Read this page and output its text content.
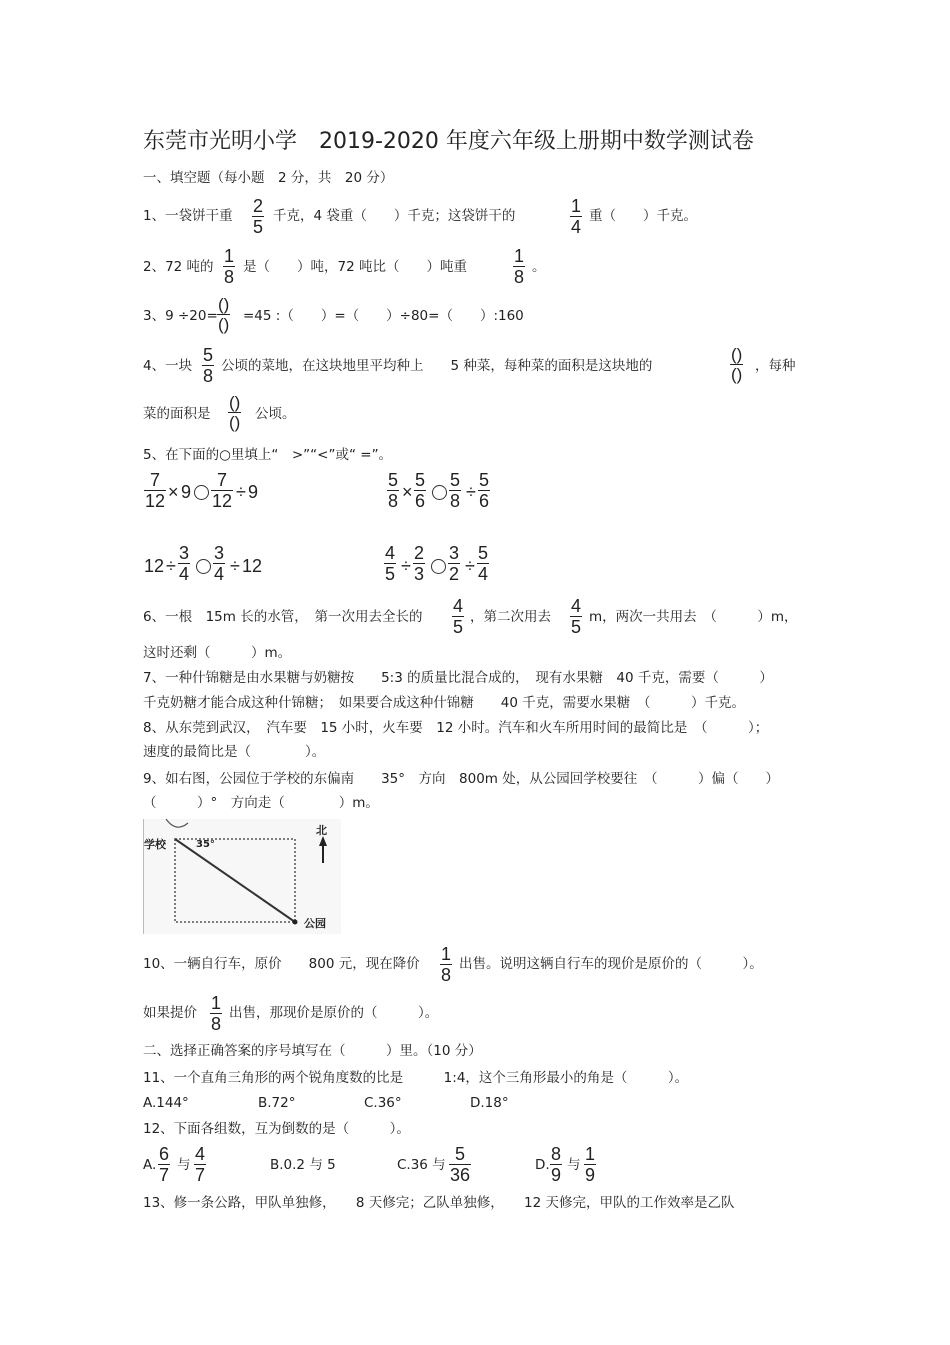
东莞市光明小学　2019-2020 年度六年级上册期中数学测试卷
一、填空题（每小题　2 分，共　20 分）
1、一袋饼干重 2
5
千克，4 袋重（　　）千克；这袋饼干的	1
4
重（　　）千克。
2、72 吨的
1
8 是（　　）吨，72 吨比（　　）吨重
1
8 。
3、9 ÷20=
()
() =45 :（　　）=（　　）÷80=（　　）:160
4、一块
5
8 公顷的菜地，在这块地里平均种上　　5 种菜，每种菜的面积是这块地的
()
() ，每种
菜的面积是
()
() 公顷。
5、在下面的○里填上“　>”“<”或“ =”。
7
12 × 9
7
12 ÷ 9
5
8 ×
5
6
5
8 ÷
5
6
12 ÷
3
4
3
4 ÷ 12
4
5 ÷
2
3
3
2 ÷
5
4
6、一根　15m 长的水管，　第一次用去全长的
4
5 ，第二次用去
4
5 m，两次一共用去　（　　　）m，
这时还剩（　　　）m。
7、一种什锦糖是由水果糖与奶糖按　　5:3 的质量比混合成的，　现有水果糖　40 千克，需要（　　　）
千克奶糖才能合成这种什锦糖；　如果要合成这种什锦糖　　40 千克，需要水果糖　（　　　）千克。
8、从东莞到武汉，　汽车要　15 小时，火车要　12 小时。汽车和火车所用时间的最简比是　（　　　）；
速度的最简比是（　　　　）。
9、如右图，公园位于学校的东偏南　　35°　方向　800m 处，从公园回学校要往　（　　　）偏（　　）
（　　　）°　方向走（　　　　）m。
学校	35°
公园
北
10、一辆自行车，原价　　800 元，现在降价 1
8
出售。说明这辆自行车的现价是原价的（　　　）。
如果提价 1
8
出售，那现价是原价的（　　　）。
二、选择正确答案的序号填写在（　　　）里。（10 分）
11、一个直角三角形的两个锐角度数的比是　　　1:4，这个三角形最小的角是（　　　）。
A.144°	B.72°	C.36°	D.18°
12、下面各组数，互为倒数的是（　　　）。
A.
6
7 与
4
7	B.0.2 与 5	C.36 与
5
36	D.
8
9 与
1
9
13、修一条公路，甲队单独修，　　8 天修完；乙队单独修，　　12 天修完，甲队的工作效率是乙队
